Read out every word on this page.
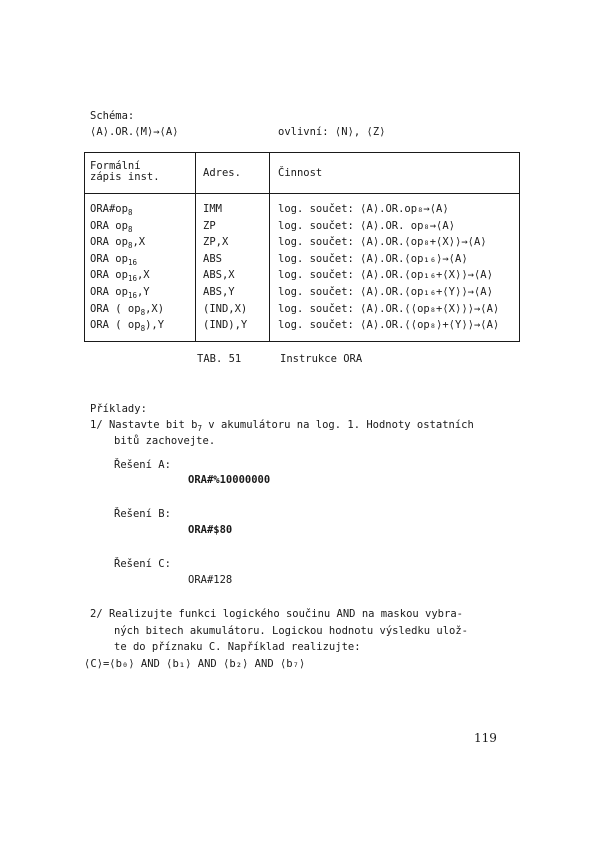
Schéma:
⟨A⟩.OR.⟨M⟩→⟨A⟩	ovlivní: ⟨N⟩, ⟨Z⟩
Formální
zápis inst.	Adres.	Činnost
$ORA\#op_8$	IMM	log. součet: ⟨A⟩.OR.op₈→⟨A⟩
ORA $op_8$	ZP	log. součet: ⟨A⟩.OR. op₈→⟨A⟩
ORA $op_8,X$	ZP,X	log. součet: ⟨A⟩.OR.⟨op₈+⟨X⟩⟩→⟨A⟩
ORA $op_{16}$	ABS	log. součet: ⟨A⟩.OR.⟨op₁₆⟩→⟨A⟩
ORA $op_{16},X$	ABS,X	log. součet: ⟨A⟩.OR.⟨op₁₆+⟨X⟩⟩→⟨A⟩
ORA $op_{16},Y$	ABS,Y	log. součet: ⟨A⟩.OR.⟨op₁₆+⟨Y⟩⟩→⟨A⟩
ORA ( $op_8,X$)	(IND,X)	log. součet: ⟨A⟩.OR.⟨⟨op₈+⟨X⟩⟩⟩→⟨A⟩
ORA ( $op_8),Y$	(IND),Y	log. součet: ⟨A⟩.OR.⟨⟨op₈⟩+⟨Y⟩⟩→⟨A⟩
TAB. 51	Instrukce ORA
Příklady:
1/ Nastavte bit $b_7$ v akumulátoru na log. 1. Hodnoty ostatních
bitů zachovejte.
Řešení A:
ORA#%10000000
Řešení B:
ORA#$80
Řešení C:
ORA#128
2/ Realizujte funkci logického součinu AND na maskou vybra-
ných bitech akumulátoru. Logickou hodnotu výsledku ulož-
te do příznaku C. Například realizujte:
⟨C⟩=⟨b₀⟩ AND ⟨b₁⟩ AND ⟨b₂⟩ AND ⟨b₇⟩
119
